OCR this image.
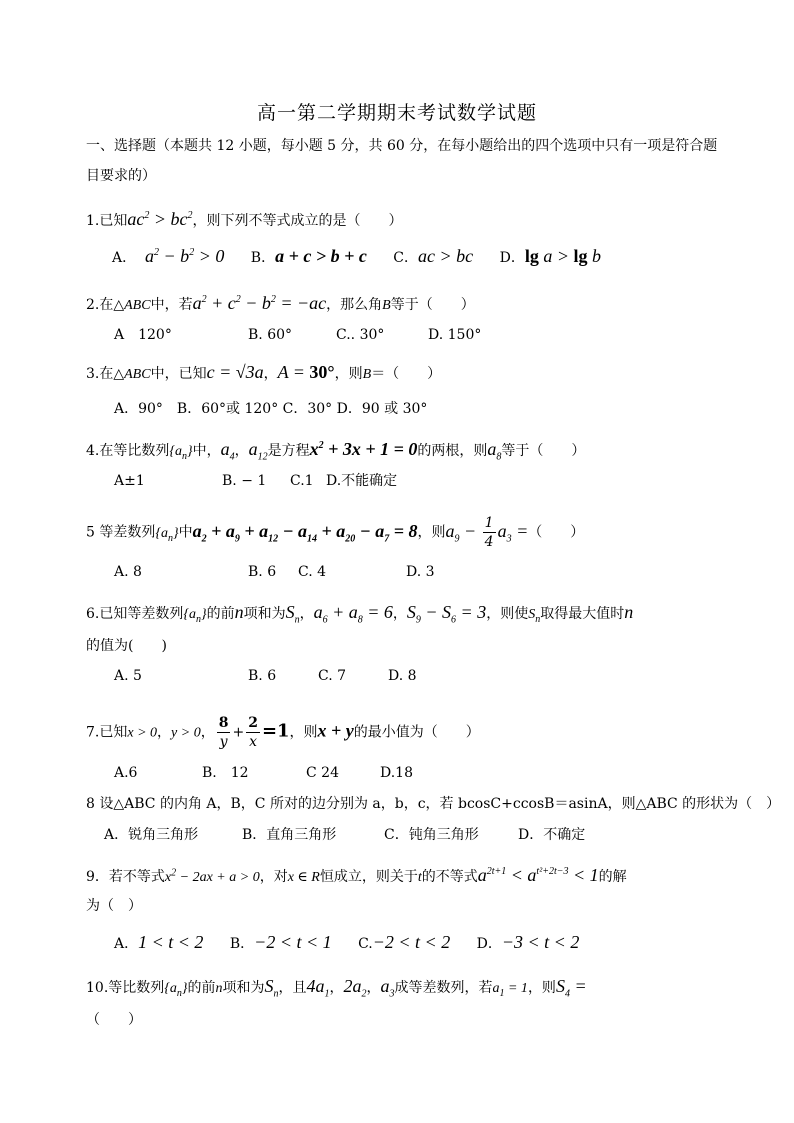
高一第二学期期末考试数学试题
一、选择题（本题共 12 小题，每小题 5 分，共 60 分，在每小题给出的四个选项中只有一项是符合题
目要求的）
1.已知$ac^2 > bc^2$，则下列不等式成立的是（　　）
A． $a^2 - b^2 > 0$ B．a + c > b + c C．ac > bc D．lg a > lg b
2.在△ABC中，若$a^2 + c^2 - b^2 = -ac$，那么角B等于（　　）
A　120°	B. 60°	C.. 30°	D. 150°
3.在△ABC中，已知c = √3a，A = 30°，则B＝（　　）
A．90°　B．60°或 120° C．30° D．90 或 30°
4.在等比数列$\{a_n\}$中，$a_4$，$a_{12}$是方程$x^2 + 3x + 1 = 0$的两根，则$a_8$等于（　　）
A±1	B. − 1 C.1 D.不能确定
5 等差数列$\{a_n\}$中$a_2 + a_9 + a_{12} - a_{14} + a_{20} - a_7 = 8$，则$a_9 - \frac{1}{4} a_3$ =（　　）
A. 8	B. 6 C. 4	D. 3
6.已知等差数列$\{a_n\}$的前n项和为$S_n$，$a_6 + a_8 = 6$，$S_9 - S_6 = 3$，则使$S_n$取得最大值时n
的值为(　　)
A. 5	B. 6	C. 7	D. 8
7.已知x > 0，y > 0， $\frac{8}{y} + \frac{2}{x} =1$，则x + y的最小值为（　　）
A.6	B.　12	C 24	D.18
8 设△ABC 的内角 A，B，C 所对的边分别为 a，b，c，若 bcosC+ccosB＝asinA，则△ABC 的形状为（　）
A．锐角三角形	B．直角三角形	C．钝角三角形	D．不确定
9．若不等式$x^2 - 2ax + a > 0$，对x ∈ R恒成立，则关于t的不等式$a^{2t+1} < a^{t^2+2t-3} < 1$的解
为（　）
A．1 < t < 2 B．−2 < t < 1 C.−2 < t < 2 D．−3 < t < 2
10.等比数列$\{a_n\}$的前n项和为$S_n$，且$4a_1$，$2a_2$，$a_3$成等差数列，若$a_1 = 1$，则$S_4$ =
（　　）
